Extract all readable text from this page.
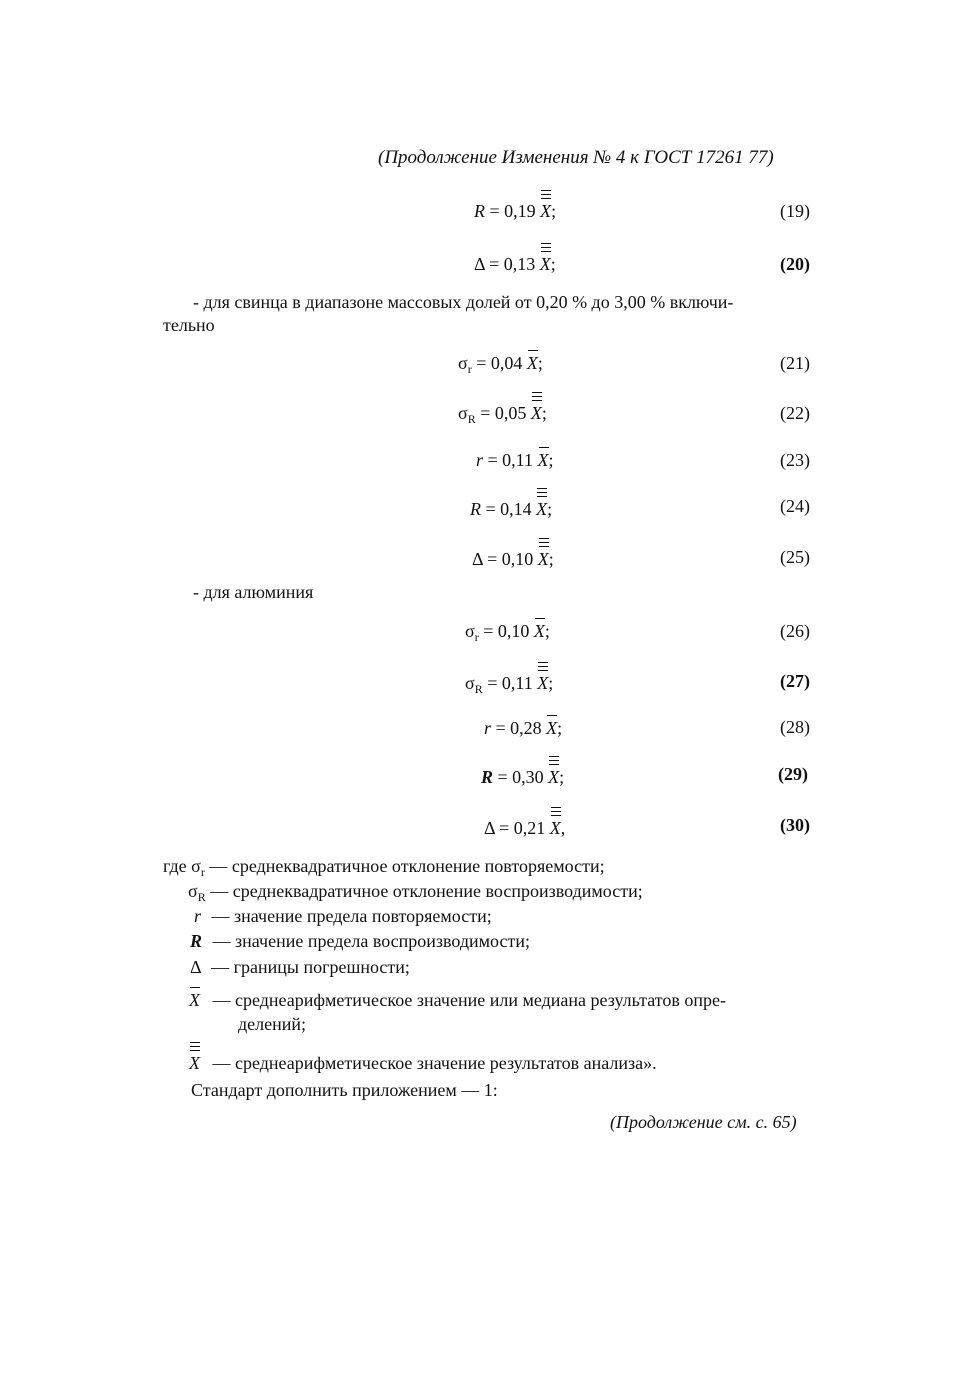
(Продолжение Изменения № 4 к ГОСТ 17261 77)
R = 0,19 X;	(19)
Δ = 0,13 X;	(20)
- для свинца в диапазоне массовых долей от 0,20 % до 3,00 % включи-
тельно
$\sigma_r = 0,04$ X;	(21)
$\sigma_R = 0,05$ X;	(22)
r = 0,11 X;	(23)
R = 0,14 X;	(24)
Δ = 0,10 X;	(25)
- для алюминия
$\sigma_r = 0,10$ X;	(26)
$\sigma_R = 0,11$ X;	(27)
r = 0,28 X;	(28)
R = 0,30 X;	(29)
Δ = 0,21 X,	(30)
где $\sigma_r$ — среднеквадратичное отклонение повторяемости;
$\sigma_R$ — среднеквадратичное отклонение воспроизводимости;
r — значение предела повторяемости;
R — значение предела воспроизводимости;
Δ — границы погрешности;
X — среднеарифметическое значение или медиана результатов опре-
делений;
X — среднеарифметическое значение результатов анализа».
Стандарт дополнить приложением — 1:
(Продолжение см. с. 65)
